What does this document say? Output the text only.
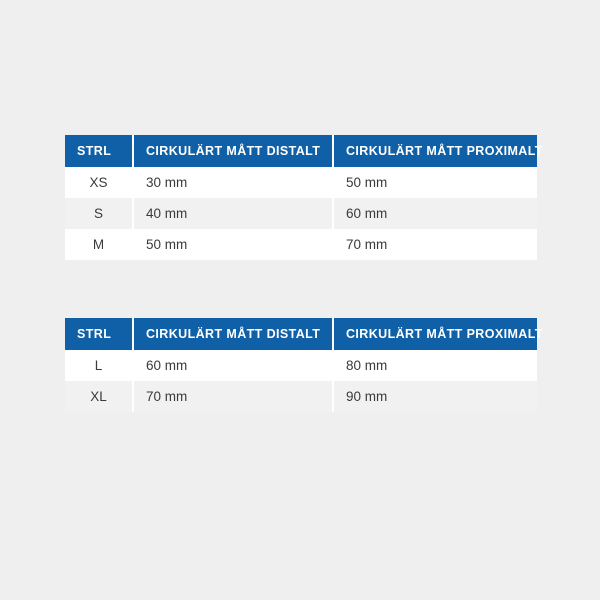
STRL	CIRKULÄRT MÅTT DISTALT	CIRKULÄRT MÅTT PROXIMALT
XS	30 mm	50 mm
S	40 mm	60 mm
M	50 mm	70 mm
STRL	CIRKULÄRT MÅTT DISTALT	CIRKULÄRT MÅTT PROXIMALT
L	60 mm	80 mm
XL	70 mm	90 mm
